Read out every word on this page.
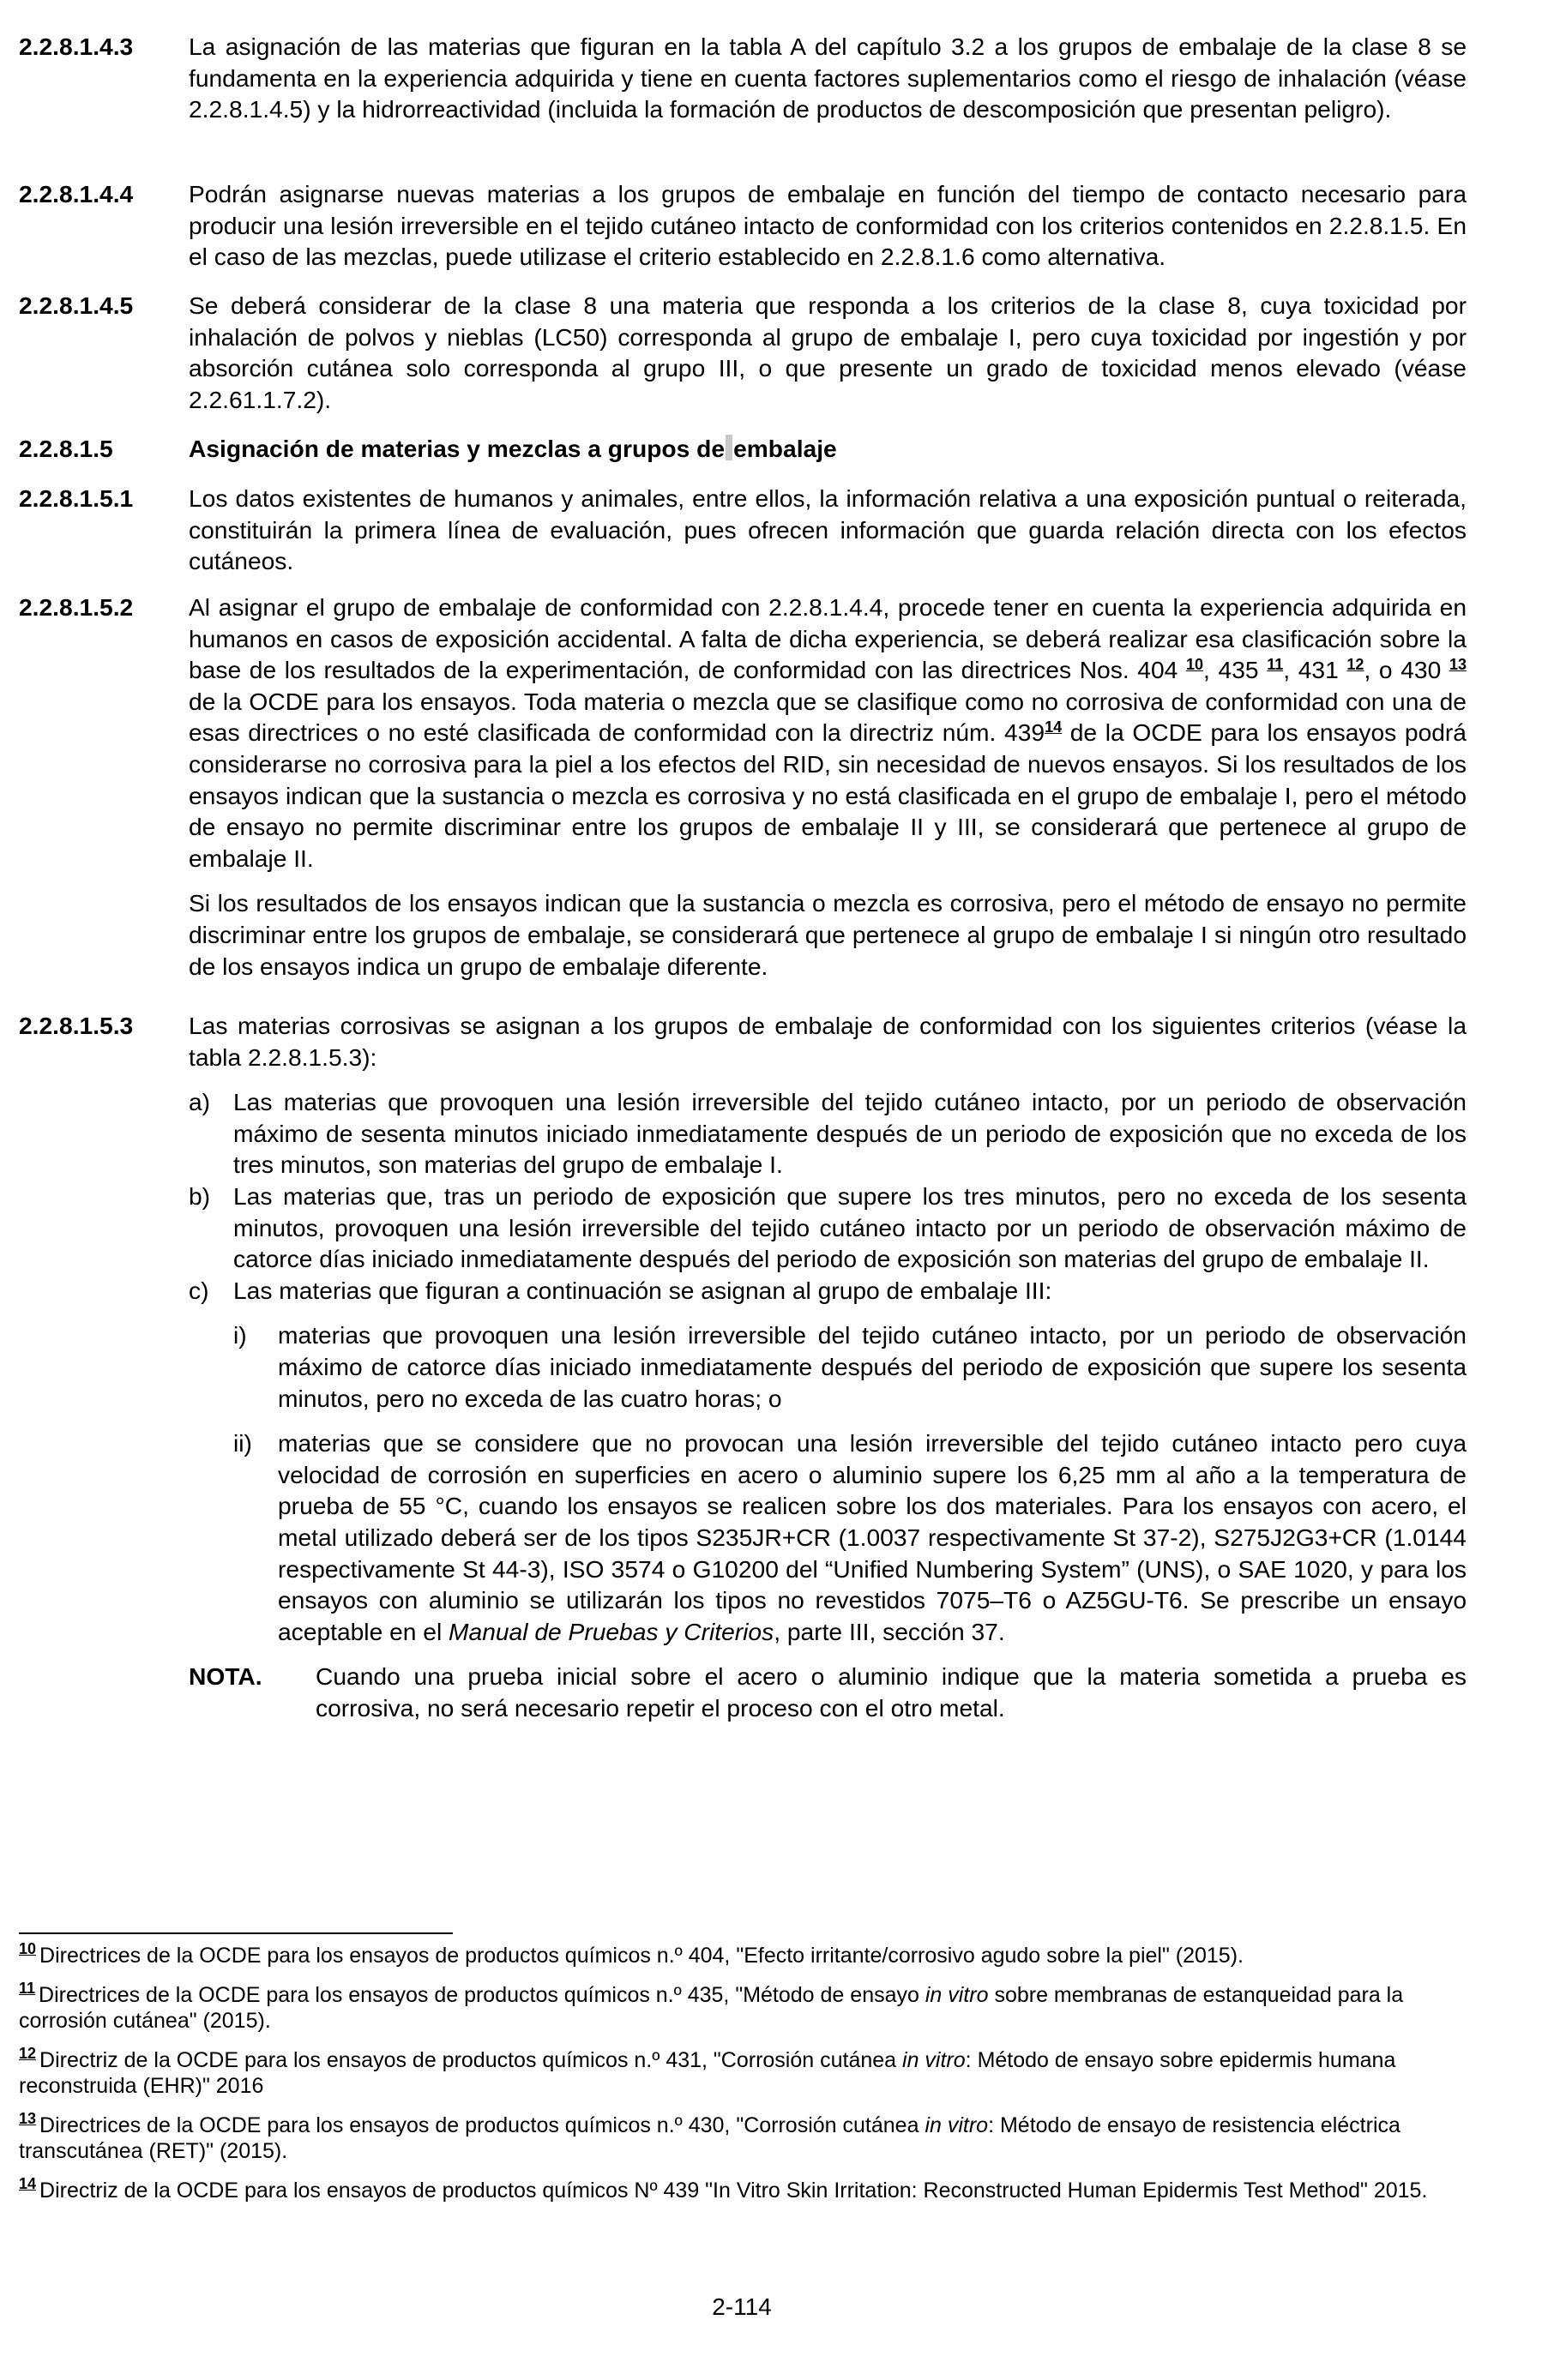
2.2.8.1.4.3	La asignación de las materias que figuran en la tabla A del capítulo 3.2 a los grupos de embalaje de la clase 8 se fundamenta en la experiencia adquirida y tiene en cuenta factores suplementarios como el riesgo de inhalación (véase 2.2.8.1.4.5) y la hidrorreactividad (incluida la formación de productos de descomposición que presentan peligro).
2.2.8.1.4.4	Podrán asignarse nuevas materias a los grupos de embalaje en función del tiempo de contacto necesario para producir una lesión irreversible en el tejido cutáneo intacto de conformidad con los criterios contenidos en 2.2.8.1.5. En el caso de las mezclas, puede utilizase el criterio establecido en 2.2.8.1.6 como alternativa.
2.2.8.1.4.5	Se deberá considerar de la clase 8 una materia que responda a los criterios de la clase 8, cuya toxicidad por inhalación de polvos y nieblas (LC50) corresponda al grupo de embalaje I, pero cuya toxicidad por ingestión y por absorción cutánea solo corresponda al grupo III, o que presente un grado de toxicidad menos elevado (véase 2.2.61.1.7.2).
2.2.8.1.5	Asignación de materias y mezclas a grupos de embalaje
2.2.8.1.5.1	Los datos existentes de humanos y animales, entre ellos, la información relativa a una exposición puntual o reiterada, constituirán la primera línea de evaluación, pues ofrecen información que guarda relación directa con los efectos cutáneos.
2.2.8.1.5.2	Al asignar el grupo de embalaje de conformidad con 2.2.8.1.4.4, procede tener en cuenta la experiencia adquirida en humanos en casos de exposición accidental. A falta de dicha experiencia, se deberá realizar esa clasificación sobre la base de los resultados de la experimentación, de conformidad con las directrices Nos. 404 $^{10}$, 435 $^{11}$, 431 $^{12}$, o 430 $^{13}$ de la OCDE para los ensayos. Toda materia o mezcla que se clasifique como no corrosiva de conformidad con una de esas directrices o no esté clasificada de conformidad con la directriz núm. 439$^{14}$ de la OCDE para los ensayos podrá considerarse no corrosiva para la piel a los efectos del RID, sin necesidad de nuevos ensayos. Si los resultados de los ensayos indican que la sustancia o mezcla es corrosiva y no está clasificada en el grupo de embalaje I, pero el método de ensayo no permite discriminar entre los grupos de embalaje II y III, se considerará que pertenece al grupo de embalaje II.
Si los resultados de los ensayos indican que la sustancia o mezcla es corrosiva, pero el método de ensayo no permite discriminar entre los grupos de embalaje, se considerará que pertenece al grupo de embalaje I si ningún otro resultado de los ensayos indica un grupo de embalaje diferente.
2.2.8.1.5.3	Las materias corrosivas se asignan a los grupos de embalaje de conformidad con los siguientes criterios (véase la tabla 2.2.8.1.5.3):
a) Las materias que provoquen una lesión irreversible del tejido cutáneo intacto, por un periodo de observación máximo de sesenta minutos iniciado inmediatamente después de un periodo de exposición que no exceda de los tres minutos, son materias del grupo de embalaje I.
b) Las materias que, tras un periodo de exposición que supere los tres minutos, pero no exceda de los sesenta minutos, provoquen una lesión irreversible del tejido cutáneo intacto por un periodo de observación máximo de catorce días iniciado inmediatamente después del periodo de exposición son materias del grupo de embalaje II.
c)	Las materias que figuran a continuación se asignan al grupo de embalaje III:
i)	materias que provoquen una lesión irreversible del tejido cutáneo intacto, por un periodo de observación máximo de catorce días iniciado inmediatamente después del periodo de exposición que supere los sesenta minutos, pero no exceda de las cuatro horas; o
ii)	materias que se considere que no provocan una lesión irreversible del tejido cutáneo intacto pero cuya velocidad de corrosión en superficies en acero o aluminio supere los 6,25 mm al año a la temperatura de prueba de 55 °C, cuando los ensayos se realicen sobre los dos materiales. Para los ensayos con acero, el metal utilizado deberá ser de los tipos S235JR+CR (1.0037 respectivamente St 37-2), S275J2G3+CR (1.0144 respectivamente St 44-3), ISO 3574 o G10200 del “Unified Numbering System” (UNS), o SAE 1020, y para los ensayos con aluminio se utilizarán los tipos no revestidos 7075–T6 o AZ5GU-T6. Se prescribe un ensayo aceptable en el Manual de Pruebas y Criterios, parte III, sección 37.
NOTA.	Cuando una prueba inicial sobre el acero o aluminio indique que la materia sometida a prueba es corrosiva, no será necesario repetir el proceso con el otro metal.
$^{10}$ Directrices de la OCDE para los ensayos de productos químicos n.º 404, "Efecto irritante/corrosivo agudo sobre la piel" (2015).
$^{11}$ Directrices de la OCDE para los ensayos de productos químicos n.º 435, "Método de ensayo in vitro sobre membranas de estanqueidad para la corrosión cutánea" (2015).
$^{12}$ Directriz de la OCDE para los ensayos de productos químicos n.º 431, "Corrosión cutánea in vitro: Método de ensayo sobre epidermis humana reconstruida (EHR)" 2016
$^{13}$ Directrices de la OCDE para los ensayos de productos químicos n.º 430, "Corrosión cutánea in vitro: Método de ensayo de resistencia eléctrica transcutánea (RET)" (2015).
$^{14}$ Directriz de la OCDE para los ensayos de productos químicos Nº 439 "In Vitro Skin Irritation: Reconstructed Human Epidermis Test Method" 2015.
2-114
